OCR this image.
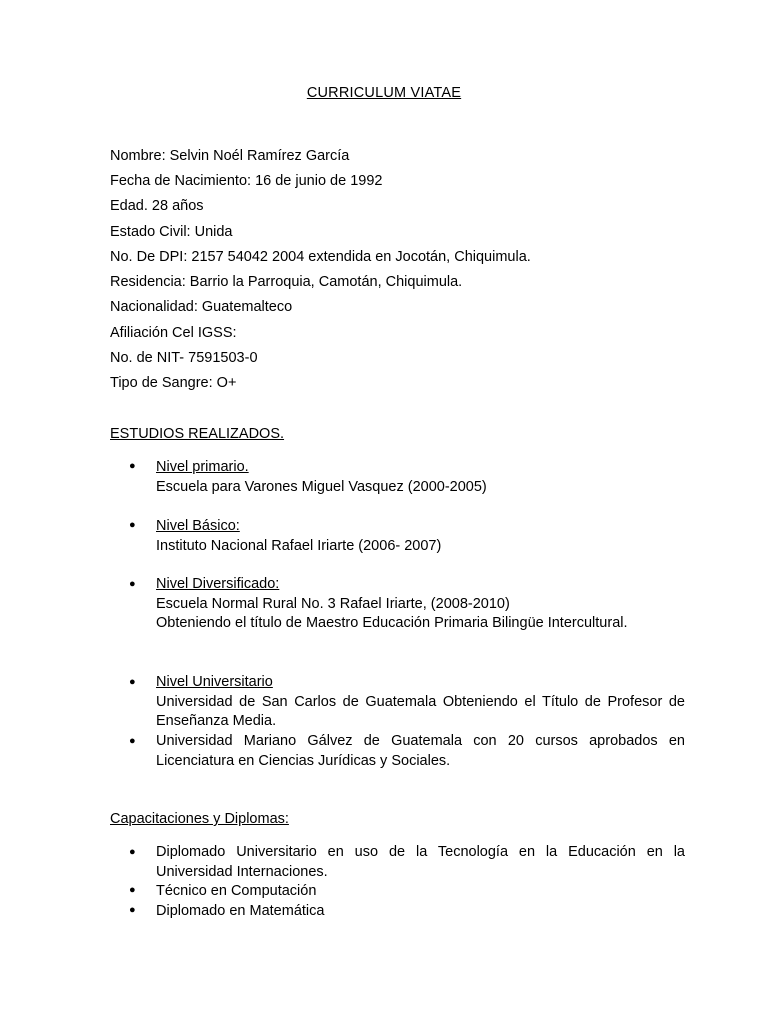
CURRICULUM VIATAE
Nombre: Selvin Noél Ramírez García
Fecha de Nacimiento: 16 de junio de 1992
Edad. 28 años
Estado Civil: Unida
No. De DPI: 2157 54042 2004 extendida en Jocotán, Chiquimula.
Residencia: Barrio la Parroquia, Camotán, Chiquimula.
Nacionalidad: Guatemalteco
Afiliación Cel IGSS:
No. de NIT- 7591503-0
Tipo de Sangre: O+
ESTUDIOS REALIZADOS.
● Nivel primario.
Escuela para Varones Miguel Vasquez (2000-2005)
● Nivel Básico:
Instituto Nacional Rafael Iriarte (2006- 2007)
● Nivel Diversificado:
Escuela Normal Rural No. 3 Rafael Iriarte, (2008-2010)
Obteniendo el título de Maestro Educación Primaria Bilingüe Intercultural.
● Nivel Universitario
Universidad de San Carlos de Guatemala Obteniendo el Título de Profesor de Enseñanza Media.
● Universidad Mariano Gálvez de Guatemala con 20 cursos aprobados en Licenciatura en Ciencias Jurídicas y Sociales.
Capacitaciones y Diplomas:
● Diplomado Universitario en uso de la Tecnología en la Educación en la Universidad Internaciones.
● Técnico en Computación
● Diplomado en Matemática
